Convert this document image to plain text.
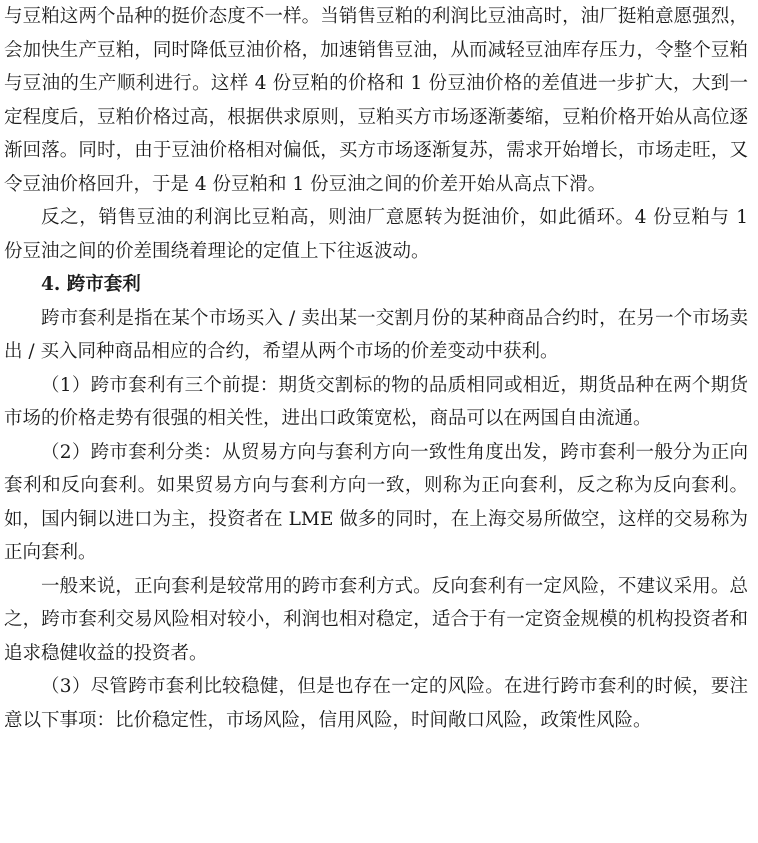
与豆粕这两个品种的挺价态度不一样。当销售豆粕的利润比豆油高时，油厂挺粕意愿强烈，会加快生产豆粕，同时降低豆油价格，加速销售豆油，从而减轻豆油库存压力，令整个豆粕与豆油的生产顺利进行。这样 4 份豆粕的价格和 1 份豆油价格的差值进一步扩大，大到一定程度后，豆粕价格过高，根据供求原则，豆粕买方市场逐渐萎缩，豆粕价格开始从高位逐渐回落。同时，由于豆油价格相对偏低，买方市场逐渐复苏，需求开始增长，市场走旺，又令豆油价格回升，于是 4 份豆粕和 1 份豆油之间的价差开始从高点下滑。

反之，销售豆油的利润比豆粕高，则油厂意愿转为挺油价，如此循环。4 份豆粕与 1 份豆油之间的价差围绕着理论的定值上下往返波动。

4. 跨市套利

跨市套利是指在某个市场买入 / 卖出某一交割月份的某种商品合约时，在另一个市场卖出 / 买入同种商品相应的合约，希望从两个市场的价差变动中获利。

（1）跨市套利有三个前提：期货交割标的物的品质相同或相近，期货品种在两个期货市场的价格走势有很强的相关性，进出口政策宽松，商品可以在两国自由流通。

（2）跨市套利分类：从贸易方向与套利方向一致性角度出发，跨市套利一般分为正向套利和反向套利。如果贸易方向与套利方向一致，则称为正向套利，反之称为反向套利。如，国内铜以进口为主，投资者在 LME 做多的同时，在上海交易所做空，这样的交易称为正向套利。

一般来说，正向套利是较常用的跨市套利方式。反向套利有一定风险，不建议采用。总之，跨市套利交易风险相对较小，利润也相对稳定，适合于有一定资金规模的机构投资者和追求稳健收益的投资者。

（3）尽管跨市套利比较稳健，但是也存在一定的风险。在进行跨市套利的时候，要注意以下事项：比价稳定性，市场风险，信用风险，时间敞口风险，政策性风险。
